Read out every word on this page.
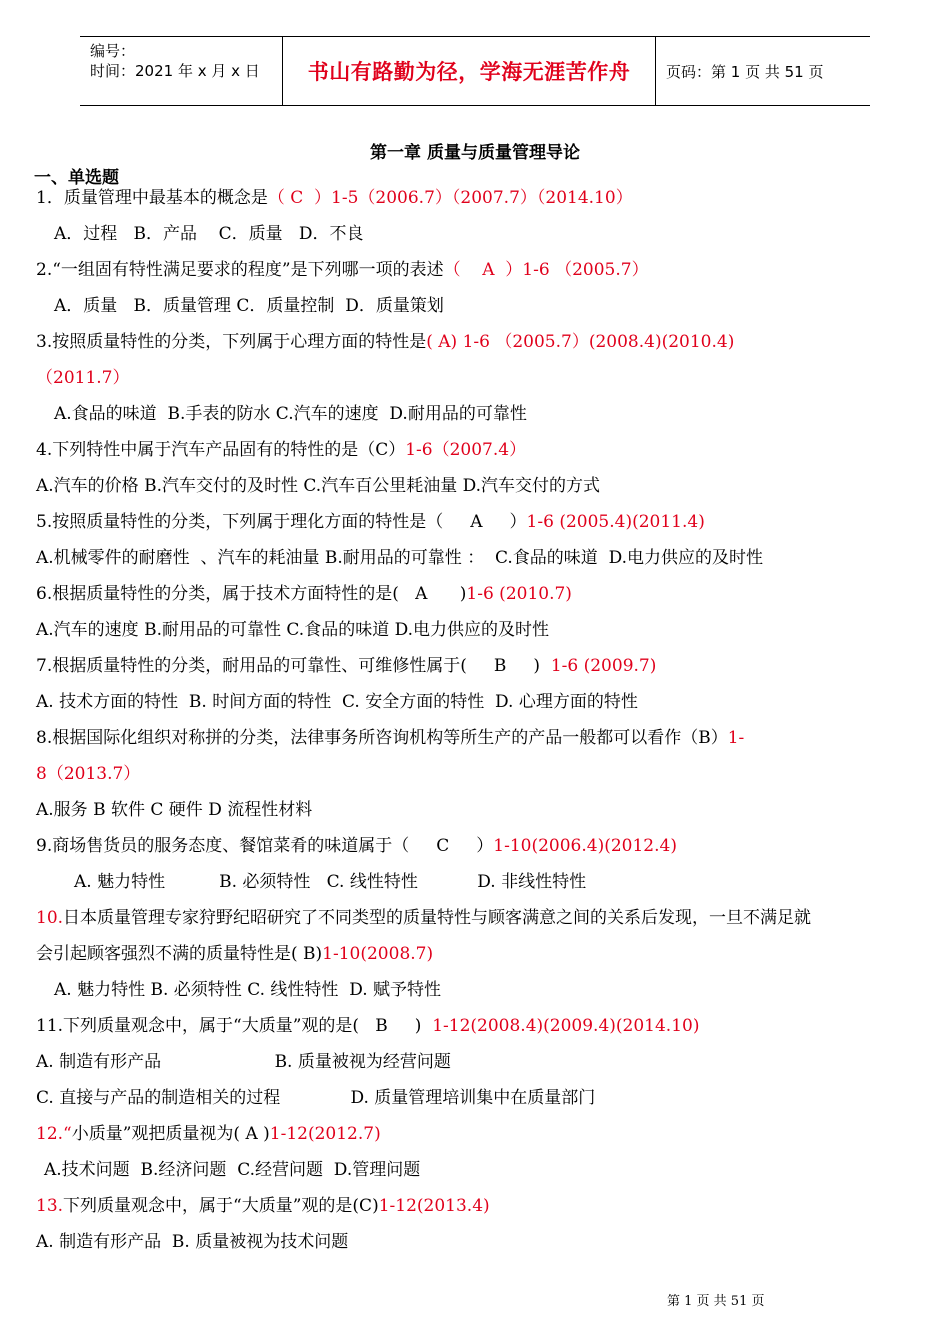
编号：
时间：2021 年 x 月 x 日	书山有路勤为径，学海无涯苦作舟 页码：第 1 页 共 51 页
第一章 质量与质量管理导论
一、单选题
1．质量管理中最基本的概念是（ C  ）1-5（2006.7）（2007.7）（2014.10）
A．过程   B．产品    C．质量   D．不良
2.“一组固有特性满足要求的程度”是下列哪一项的表述（    A  ）1-6 （2005.7）
A．质量   B．质量管理 C．质量控制  D．质量策划
3.按照质量特性的分类，下列属于心理方面的特性是( A) 1-6 （2005.7）(2008.4)(2010.4)
（2011.7）
A.食品的味道  B.手表的防水 C.汽车的速度  D.耐用品的可靠性
4.下列特性中属于汽车产品固有的特性的是（C）1-6（2007.4）
A.汽车的价格 B.汽车交付的及时性 C.汽车百公里耗油量 D.汽车交付的方式
5.按照质量特性的分类，下列属于理化方面的特性是（     A     ）1-6 (2005.4)(2011.4)
A.机械零件的耐磨性  、汽车的耗油量 B.耐用品的可靠性 ：  C.食品的味道  D.电力供应的及时性
6.根据质量特性的分类，属于技术方面特性的是(   A      )1-6 (2010.7)
A.汽车的速度 B.耐用品的可靠性 C.食品的味道 D.电力供应的及时性
7.根据质量特性的分类，耐用品的可靠性、可维修性属于(     B     )  1-6 (2009.7)
A. 技术方面的特性  B. 时间方面的特性  C. 安全方面的特性  D. 心理方面的特性
8.根据国际化组织对称拼的分类，法律事务所咨询机构等所生产的产品一般都可以看作（B）1-
8（2013.7）
A.服务 B 软件 C 硬件 D 流程性材料
9.商场售货员的服务态度、餐馆菜肴的味道属于（     C     ）1-10(2006.4)(2012.4)
A. 魅力特性          B. 必须特性   C. 线性特性           D. 非线性特性
10.日本质量管理专家狩野纪昭研究了不同类型的质量特性与顾客满意之间的关系后发现，一旦不满足就
会引起顾客强烈不满的质量特性是( B)1-10(2008.7)
A. 魅力特性 B. 必须特性 C. 线性特性  D. 赋予特性
11.下列质量观念中，属于“大质量”观的是(   B     )  1-12(2008.4)(2009.4)(2014.10)
A. 制造有形产品                     B. 质量被视为经营问题
C. 直接与产品的制造相关的过程             D. 质量管理培训集中在质量部门
12.“小质量”观把质量视为( A )1-12(2012.7)
A.技术问题  B.经济问题  C.经营问题  D.管理问题
13.下列质量观念中，属于“大质量”观的是(C)1-12(2013.4)
A. 制造有形产品  B. 质量被视为技术问题
第 1 页 共 51 页
